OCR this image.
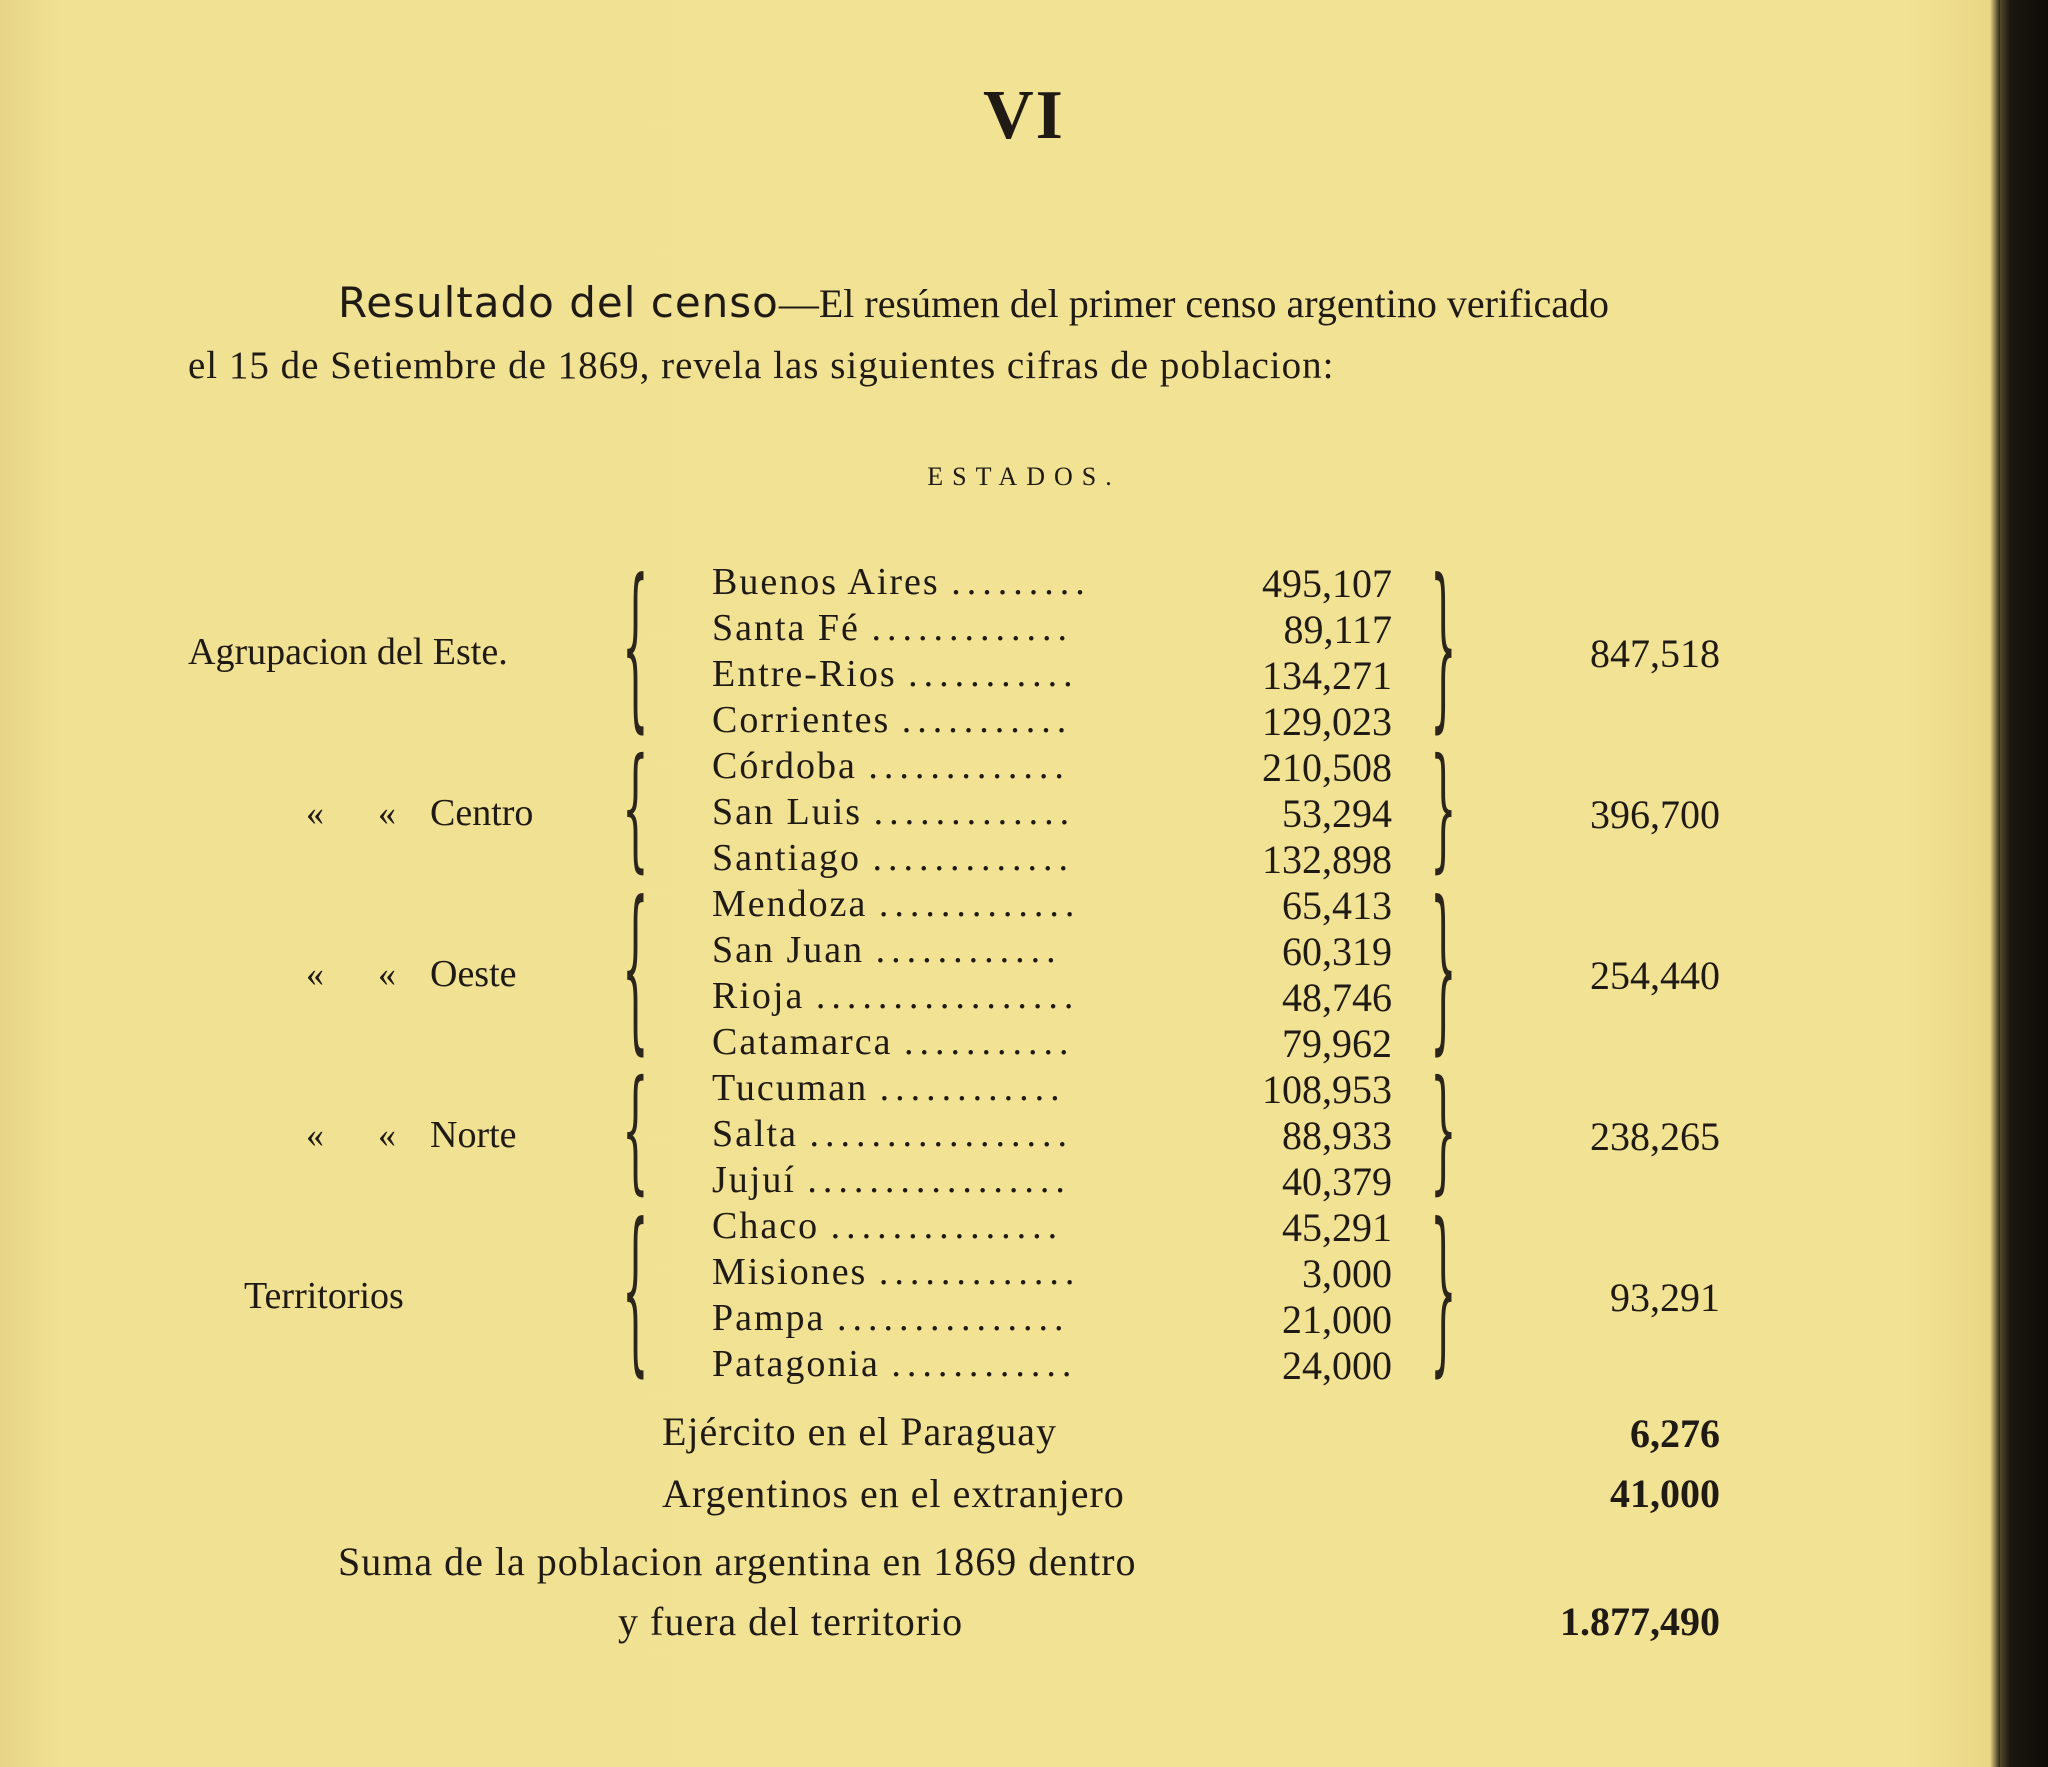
VI
Resultado del censo—El resúmen del primer censo argentino verificado
el 15 de Setiembre de 1869, revela las siguientes cifras de poblacion:
ESTADOS.
Agrupacion del Este. {	}	847,518
Buenos Aires .........	495,107
Santa Fé .............	89,117
Entre-Rios ...........	134,271
Corrientes ...........	129,023
«      « Centro {	}	396,700
Córdoba .............	210,508
San Luis .............	53,294
Santiago .............	132,898
«      « Oeste {	}	254,440
Mendoza .............	65,413
San Juan ............	60,319
Rioja .................	48,746
Catamarca ...........	79,962
«      « Norte {	}	238,265
Tucuman ............	108,953
Salta .................	88,933
Jujuí .................	40,379
Territorios	{	}	93,291
Chaco ...............	45,291
Misiones .............	3,000
Pampa ...............	21,000
Patagonia ............	24,000
Ejército en el Paraguay	6,276
Argentinos en el extranjero	41,000
Suma de la poblacion argentina en 1869 dentro
y fuera del territorio	1.877,490
